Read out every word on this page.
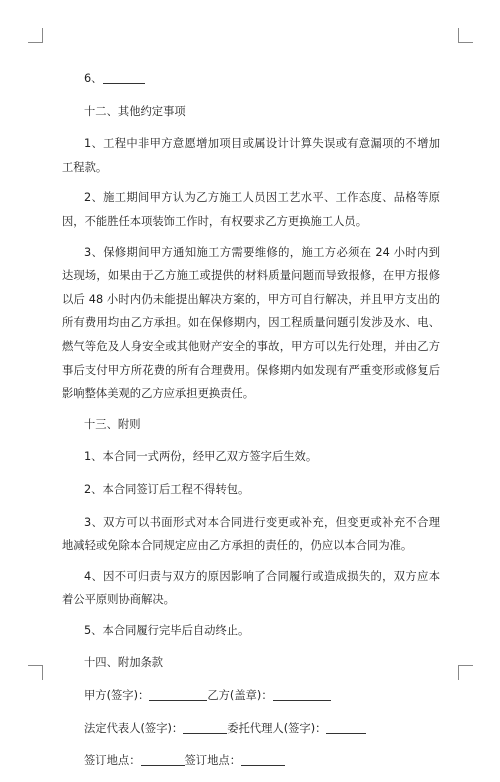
6、

十二、其他约定事项

1、工程中非甲方意愿增加项目或属设计计算失误或有意漏项的不增加工程款。

2、施工期间甲方认为乙方施工人员因工艺水平、工作态度、品格等原因，不能胜任本项装饰工作时，有权要求乙方更换施工人员。

3、保修期间甲方通知施工方需要维修的，施工方必须在 24 小时内到达现场，如果由于乙方施工或提供的材料质量问题而导致报修，在甲方报修以后 48 小时内仍未能提出解决方案的，甲方可自行解决，并且甲方支出的所有费用均由乙方承担。如在保修期内，因工程质量问题引发涉及水、电、燃气等危及人身安全或其他财产安全的事故，甲方可以先行处理，并由乙方事后支付甲方所花费的所有合理费用。保修期内如发现有严重变形或修复后影响整体美观的乙方应承担更换责任。

十三、附则

1、本合同一式两份，经甲乙双方签字后生效。

2、本合同签订后工程不得转包。

3、双方可以书面形式对本合同进行变更或补充，但变更或补充不合理地减轻或免除本合同规定应由乙方承担的责任的，仍应以本合同为准。

4、因不可归责与双方的原因影响了合同履行或造成损失的，双方应本着公平原则协商解决。

5、本合同履行完毕后自动终止。

十四、附加条款

甲方(签字)：	乙方(盖章)：
法定代表人(签字)：	委托代理人(签字)：
签订地点：	签订地点：
